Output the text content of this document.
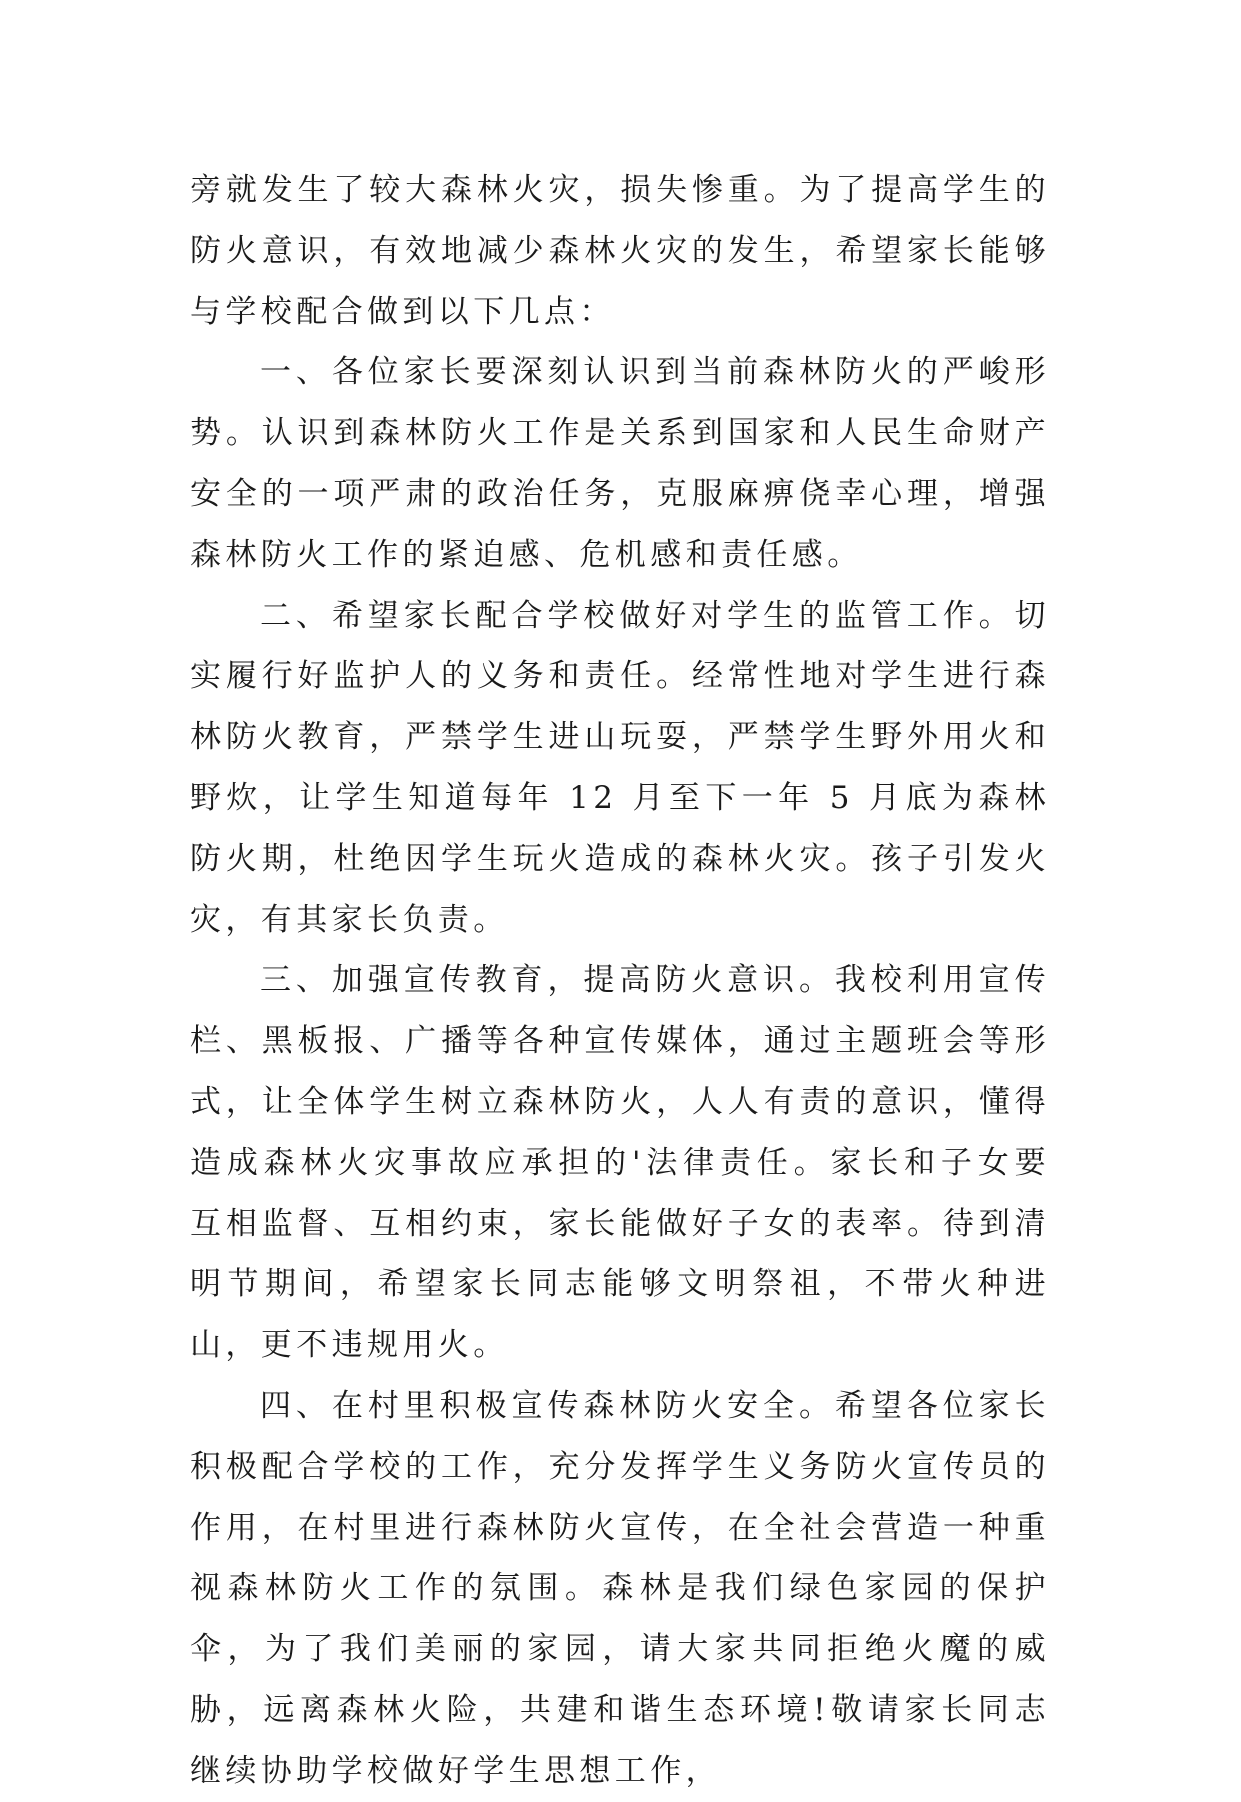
旁就发生了较大森林火灾，损失惨重。为了提高学生的防火意识，有效地减少森林火灾的发生，希望家长能够与学校配合做到以下几点：

一、各位家长要深刻认识到当前森林防火的严峻形势。认识到森林防火工作是关系到国家和人民生命财产安全的一项严肃的政治任务，克服麻痹侥幸心理，增强森林防火工作的紧迫感、危机感和责任感。

二、希望家长配合学校做好对学生的监管工作。切实履行好监护人的义务和责任。经常性地对学生进行森林防火教育，严禁学生进山玩耍，严禁学生野外用火和野炊，让学生知道每年 12 月至下一年 5 月底为森林防火期，杜绝因学生玩火造成的森林火灾。孩子引发火灾，有其家长负责。

三、加强宣传教育，提高防火意识。我校利用宣传栏、黑板报、广播等各种宣传媒体，通过主题班会等形式，让全体学生树立森林防火，人人有责的意识，懂得造成森林火灾事故应承担的'法律责任。家长和子女要互相监督、互相约束，家长能做好子女的表率。待到清明节期间，希望家长同志能够文明祭祖，不带火种进山，更不违规用火。

四、在村里积极宣传森林防火安全。希望各位家长积极配合学校的工作，充分发挥学生义务防火宣传员的作用，在村里进行森林防火宣传，在全社会营造一种重视森林防火工作的氛围。森林是我们绿色家园的保护伞，为了我们美丽的家园，请大家共同拒绝火魔的威胁，远离森林火险，共建和谐生态环境!敬请家长同志继续协助学校做好学生思想工作，
